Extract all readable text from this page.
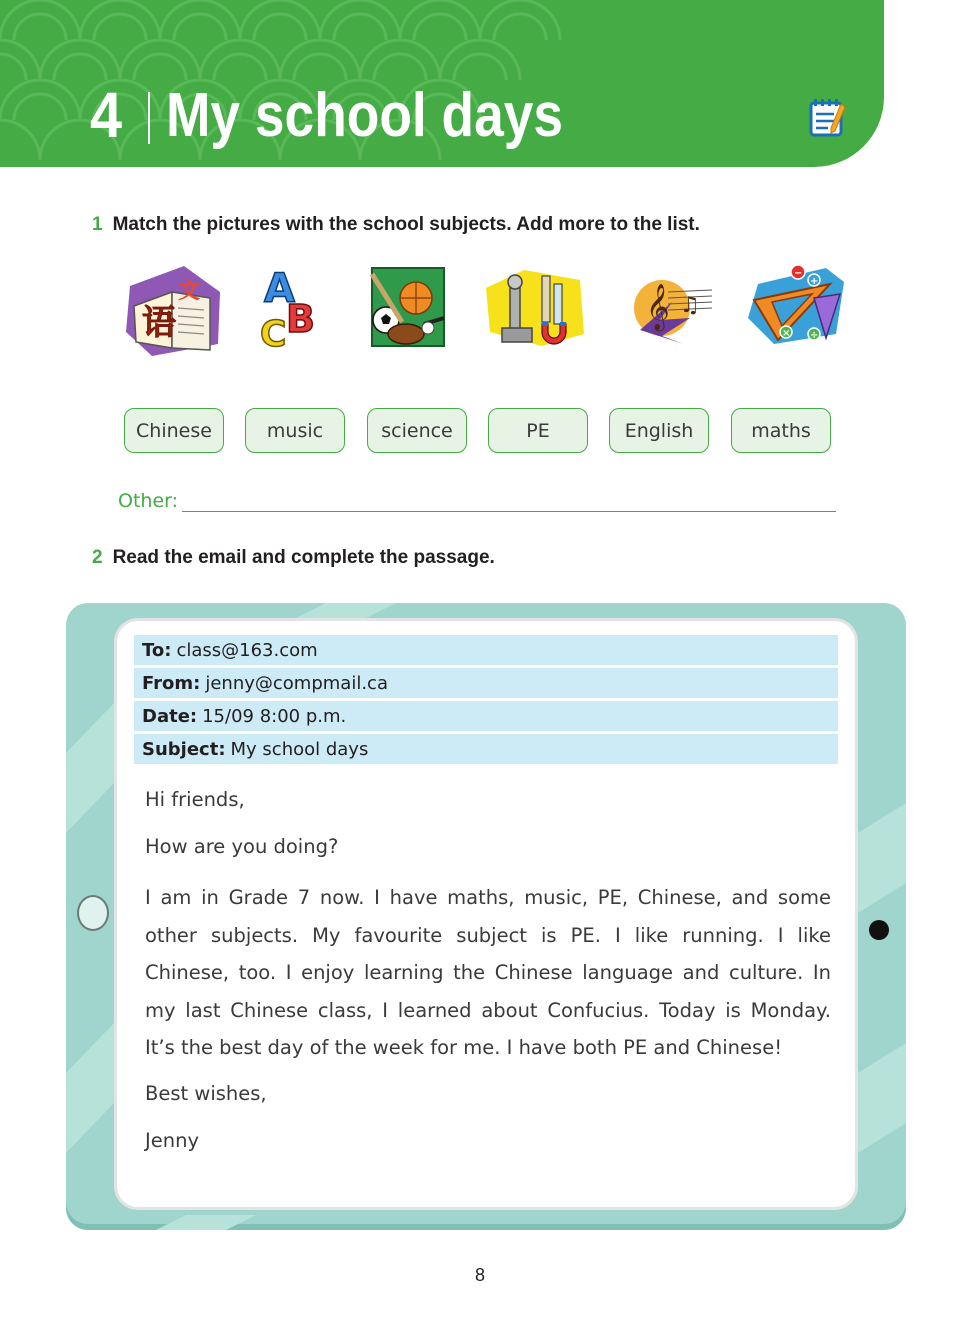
4 My school days
1 Match the pictures with the school subjects. Add more to the list.
语
文 A
B
C
𝄞 ♫
−
+
× ÷
Chinese	music	science	PE	English	maths
Other:
2 Read the email and complete the passage.
To: class@163.com
From: jenny@compmail.ca
Date: 15/09 8:00 p.m.
Subject: My school days

Hi friends,

How are you doing?

I am in Grade 7 now. I have maths, music, PE, Chinese, and some other subjects. My favourite subject is PE. I like running. I like Chinese, too. I enjoy learning the Chinese language and culture. In my last Chinese class, I learned about Confucius. Today is Monday. It’s the best day of the week for me. I have both PE and Chinese!

Best wishes,

Jenny

8
